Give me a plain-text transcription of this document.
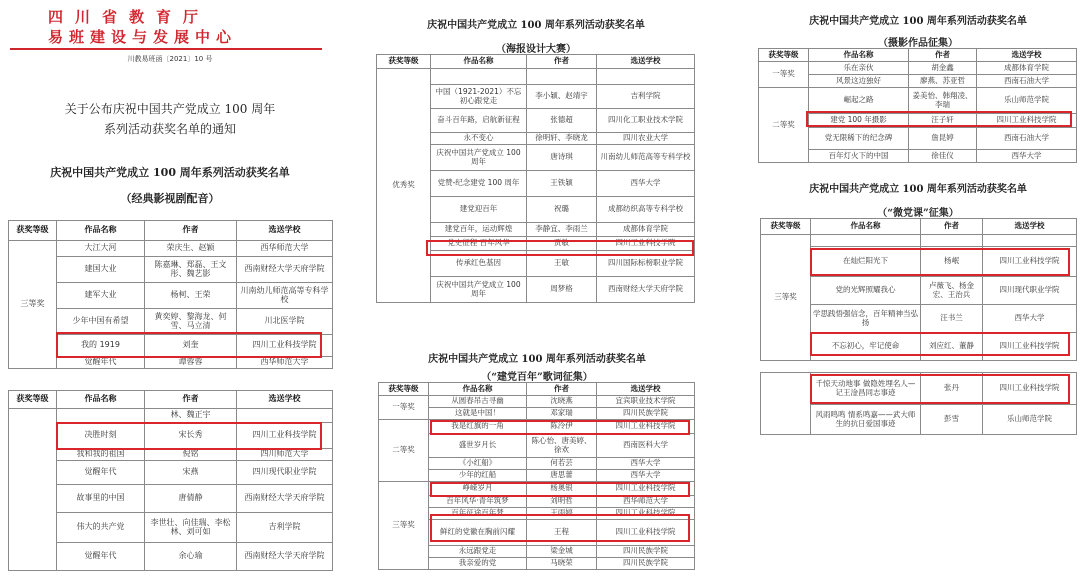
四川省教育厅
易班建设与发展中心
川教易班函〔2021〕10 号
关于公布庆祝中国共产党成立 100 周年
系列活动获奖名单的通知
庆祝中国共产党成立 100 周年系列活动获奖名单
（经典影视剧配音）
获奖等级	作品名称	作者	选送学校
三等奖	大江大河	荣庆生、赵颖	西华师范大学
	建国大业	陈嘉琳、郑磊、王文彤、魏艺影	西南财经大学天府学院
	建军大业	杨柯、王荣	川南幼儿师范高等专科学校
	少年中国有希望	黄奕婷、黎海龙、何雪、马立清	川北医学院
	我的 1919	刘奎	四川工业科技学院
	觉醒年代	谭蓉蓉	西华师范大学
获奖等级	作品名称	作者	选送学校
		林、魏正宇	
	决胜时刻	宋长秀	四川工业科技学院
	我和我的祖国	倪铭	四川师范大学
	觉醒年代	宋燕	四川现代职业学院
	故事里的中国	唐倩静	西南财经大学天府学院
	伟大的共产党	李世壮、向佳瑞、李松林、刘可如	吉利学院
	觉醒年代	余心瑜	西南财经大学天府学院
庆祝中国共产党成立 100 周年系列活动获奖名单
（海报设计大赛）
获奖等级	作品名称	作者	选送学校
优秀奖			
	中国（1921-2021）不忘初心跟党走	李小颖、赵靖宇	吉利学院
	奋斗百年路，启航新征程	张德超	四川化工职业技术学院
	永不变心	徐明轩、李晓龙	四川农业大学
	庆祝中国共产党成立 100 周年	唐诗琪	川南幼儿师范高等专科学校
	党赞-纪念建党 100 周年	王铁颖	西华大学
	建党迎百年	祝璐	成都纺织高等专科学校
	建党百年，运动辉煌	李静宜、李雨兰	成都体育学院
	党史征程 百年风华	贾敏	四川工业科技学院
	传承红色基因	王敏	四川国际标榜职业学院
	庆祝中国共产党成立 100 周年	周梦格	西南财经大学天府学院
庆祝中国共产党成立 100 周年系列活动获奖名单
（“建党百年”歌词征集）
获奖等级	作品名称	作者	选送学校
一等奖	从圆春吊古寻幽	沈晓燕	宜宾职业技术学院
	这就是中国！	邓家瑞	四川民族学院
二等奖	我是红旗的一角	陈泠伊	四川工业科技学院
	盛世岁月长	陈心怡、唐美婷、徐欢	西南医科大学
	《小红船》	何若芸	西华大学
	少年的红船	唐思蕾	西华大学
三等奖	峥嵘岁月	杨奥银	四川工业科技学院
	百年风华·青年筑梦	刘明哲	西华师范大学
	百年征途百年梦	王雨婷	四川工业科技学院
	鲜红的党徽在胸前闪耀	王程	四川工业科技学院
	永远跟党走	梁金城	四川民族学院
	我亲爱的党	马晓荣	四川民族学院
庆祝中国共产党成立 100 周年系列活动获奖名单
（摄影作品征集）
获奖等级	作品名称	作者	选送学校
一等奖	乐在亲伙	胡金鑫	成都体育学院
	风景这边独好	廖燕、苏亚哲	西南石油大学
二等奖	崛起之路	姜美怡、韩翔凌、李瑞	乐山师范学院
	建党 100 年摄影	汪子轩	四川工业科技学院
	党无限稀下的纪念碑	詹昆婷	西南石油大学
	百年灯火下的中国	徐佳仪	西华大学
庆祝中国共产党成立 100 周年系列活动获奖名单
（“微党课”征集）
获奖等级	作品名称	作者	选送学校
三等奖			
	在灿烂阳光下	杨岷	四川工业科技学院
	党的光辉照耀我心	卢薇飞、杨金宏、王治兵	四川现代职业学院
	学思践悟强信念，百年精神当弘扬	汪书兰	西华大学
	不忘初心，牢记使命	刘应红、董静	四川工业科技学院
	千惊天动地事 做隐姓埋名人—记王淦昌同志事迹	张丹	四川工业科技学院
	风雨鸣鸣 情系鸣嘉——武大师生的抗日爱国事迹	彭雪	乐山师范学院
